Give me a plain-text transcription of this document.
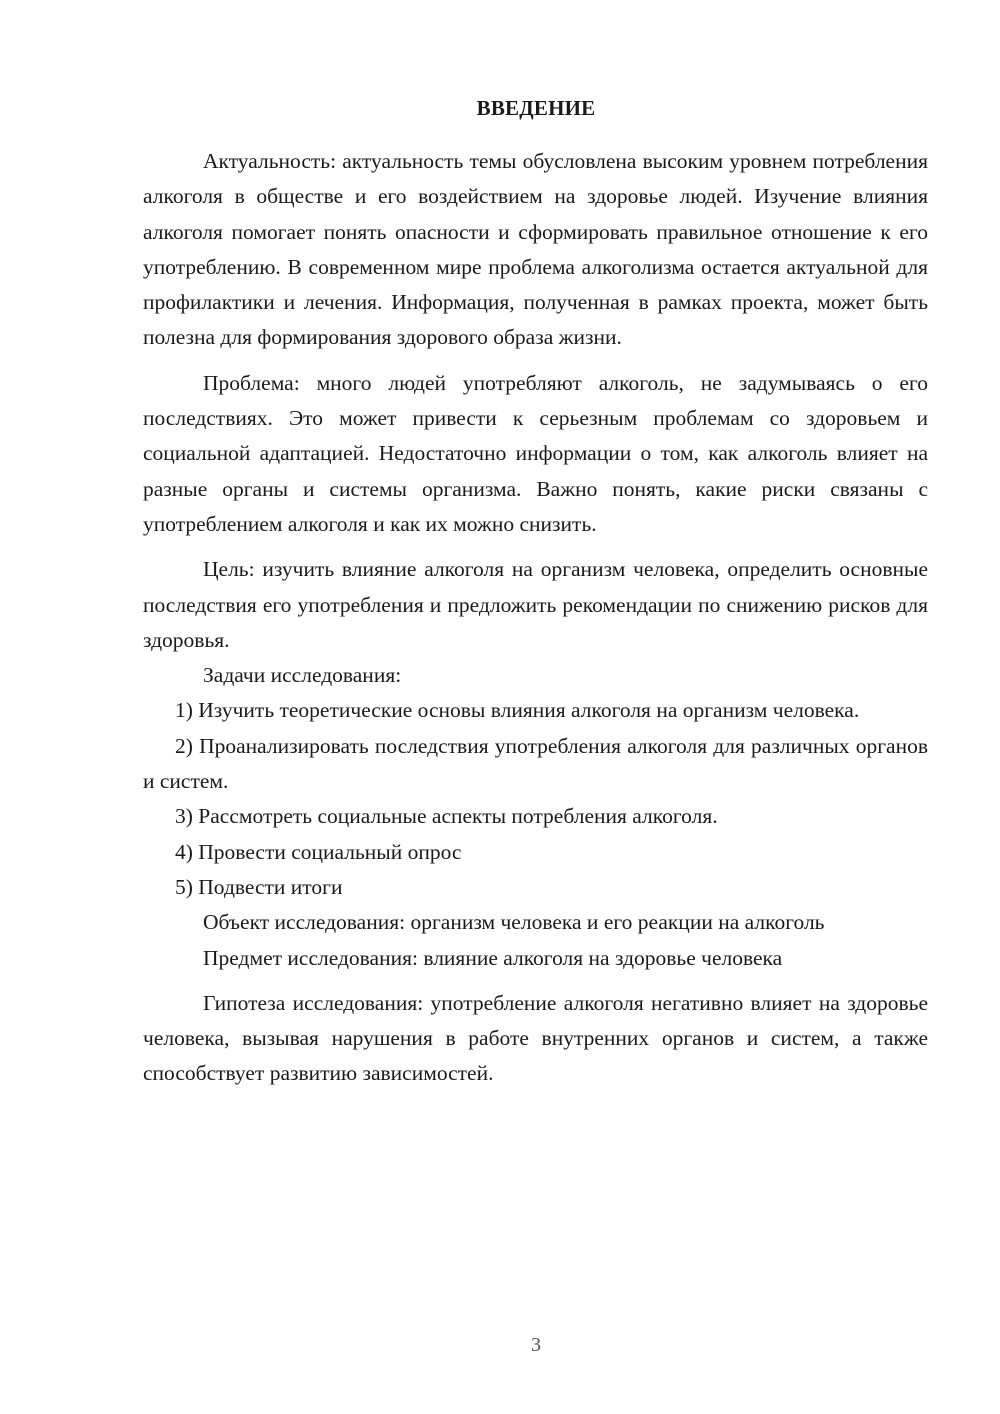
ВВЕДЕНИЕ

Актуальность: актуальность темы обусловлена высоким уровнем потребления алкоголя в обществе и его воздействием на здоровье людей. Изучение влияния алкоголя помогает понять опасности и сформировать правильное отношение к его употреблению. В современном мире проблема алкоголизма остается актуальной для профилактики и лечения. Информация, полученная в рамках проекта, может быть полезна для формирования здорового образа жизни.

Проблема: много людей употребляют алкоголь, не задумываясь о его последствиях. Это может привести к серьезным проблемам со здоровьем и социальной адаптацией. Недостаточно информации о том, как алкоголь влияет на разные органы и системы организма. Важно понять, какие риски связаны с употреблением алкоголя и как их можно снизить.

Цель: изучить влияние алкоголя на организм человека, определить основные последствия его употребления и предложить рекомендации по снижению рисков для здоровья.

Задачи исследования:

1) Изучить теоретические основы влияния алкоголя на организм человека.

2) Проанализировать последствия употребления алкоголя для различных органов и систем.

3) Рассмотреть социальные аспекты потребления алкоголя.

4) Провести социальный опрос

5) Подвести итоги

Объект исследования: организм человека и его реакции на алкоголь

Предмет исследования: влияние алкоголя на здоровье человека

Гипотеза исследования: употребление алкоголя негативно влияет на здоровье человека, вызывая нарушения в работе внутренних органов и систем, а также способствует развитию зависимостей.

3
